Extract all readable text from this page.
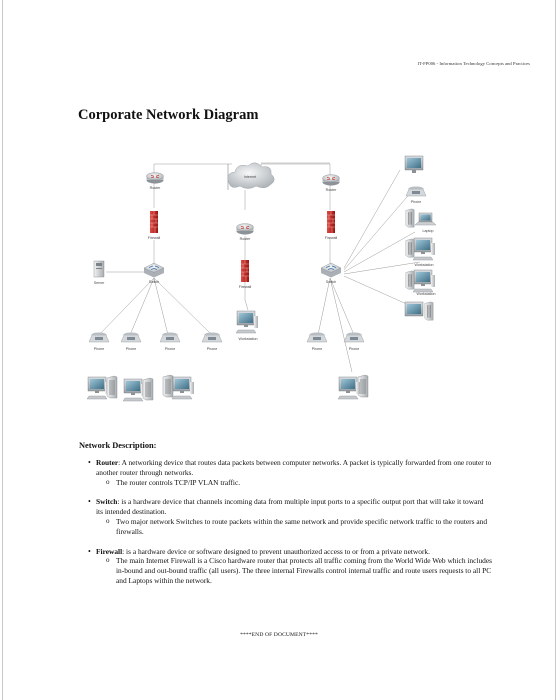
IT-FP006 - Information Technology Concepts and Practices
Corporate Network Diagram
Internet
Router
Router
Router
Firewall
Firewall
Firewall
Switch	Switch
Server
Workstation
Phone
Laptop
Workstation
Workstation
Phone	Phone	Phone	Phone	Phone	Phone
Network Description:
• Router: A networking device that routes data packets between computer networks. A packet is typically forwarded from one router to another router through networks.
o The router controls TCP/IP VLAN traffic.
• Switch: is a hardware device that channels incoming data from multiple input ports to a specific output port that will take it toward its intended destination.
o Two major network Switches to route packets within the same network and provide specific network traffic to the routers and firewalls.
• Firewall: is a hardware device or software designed to prevent unauthorized access to or from a private network.
o The main Internet Firewall is a Cisco hardware router that protects all traffic coming from the World Wide Web which includes in-bound and out-bound traffic (all users). The three internal Firewalls control internal traffic and route users requests to all PC and Laptops within the network.
****END OF DOCUMENT****
